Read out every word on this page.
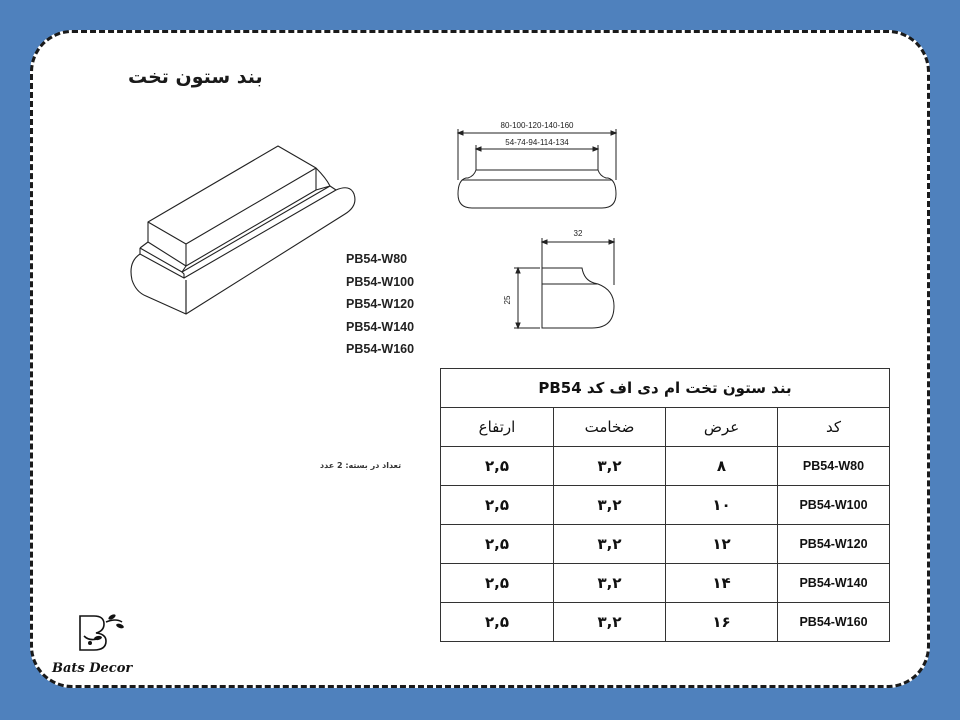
بند ستون تخت
80-100-120-140-160
54-74-94-114-134
32
25
PB54-W80
PB54-W100
PB54-W120
PB54-W140
PB54-W160
تعداد در بسته: 2 عدد
بند ستون تخت ام دی اف کد PB54			
ارتفاع	ضخامت	عرض	کد
۲,۵	۳,۲	۸	PB54-W80
۲,۵	۳,۲	۱۰	PB54-W100
۲,۵	۳,۲	۱۲	PB54-W120
۲,۵	۳,۲	۱۴	PB54-W140
۲,۵	۳,۲	۱۶	PB54-W160
Bats Decor
